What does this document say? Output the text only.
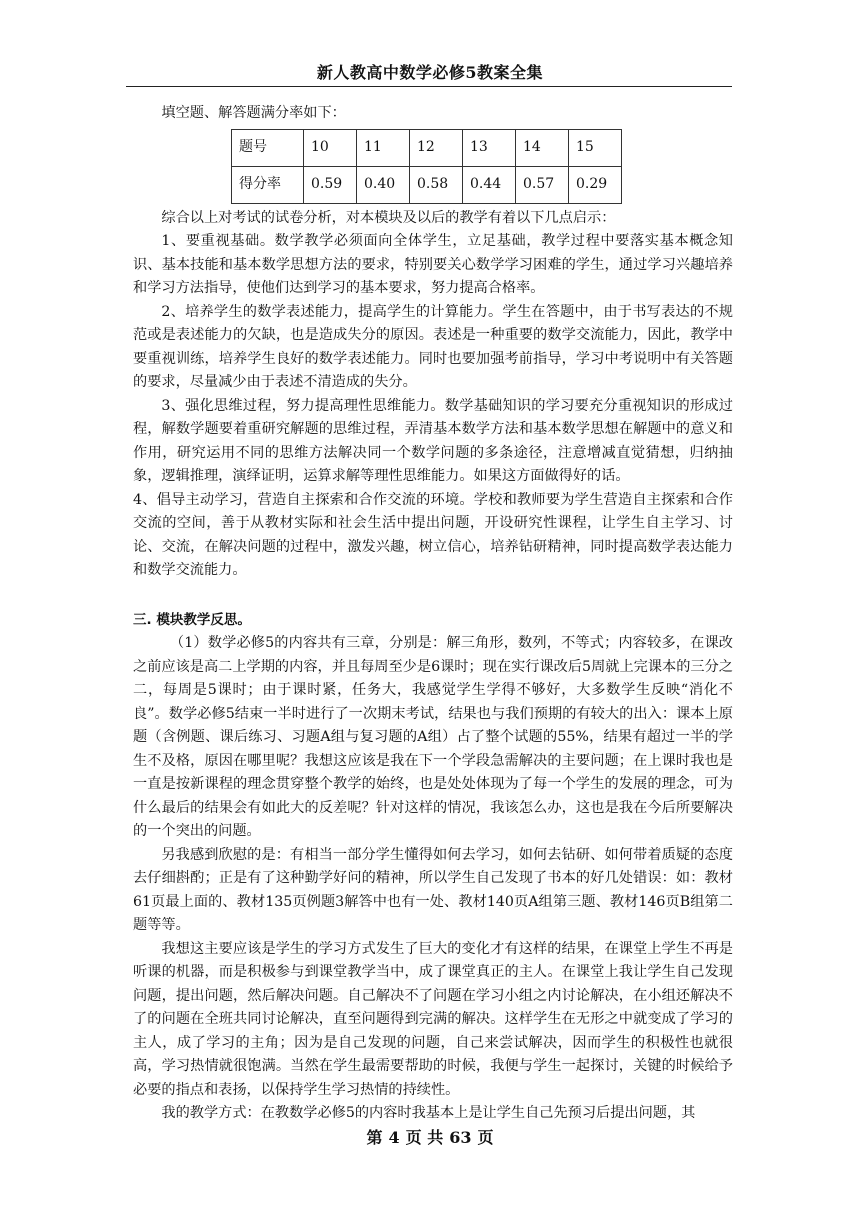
新人教高中数学必修5教案全集

填空题、解答题满分率如下：

题号	10	11	12	13	14	15
得分率	0.59	0.40	0.58	0.44	0.57	0.29

综合以上对考试的试卷分析，对本模块及以后的教学有着以下几点启示：

1、要重视基础。数学教学必须面向全体学生，立足基础，教学过程中要落实基本概念知识、基本技能和基本数学思想方法的要求，特别要关心数学学习困难的学生，通过学习兴趣培养和学习方法指导，使他们达到学习的基本要求，努力提高合格率。

2、培养学生的数学表述能力，提高学生的计算能力。学生在答题中，由于书写表达的不规范或是表述能力的欠缺，也是造成失分的原因。表述是一种重要的数学交流能力，因此，教学中要重视训练，培养学生良好的数学表述能力。同时也要加强考前指导，学习中考说明中有关答题的要求，尽量减少由于表述不清造成的失分。

3、强化思维过程，努力提高理性思维能力。数学基础知识的学习要充分重视知识的形成过程，解数学题要着重研究解题的思维过程，弄清基本数学方法和基本数学思想在解题中的意义和作用，研究运用不同的思维方法解决同一个数学问题的多条途径，注意增减直觉猜想，归纳抽象，逻辑推理，演绎证明，运算求解等理性思维能力。如果这方面做得好的话。

4、倡导主动学习，营造自主探索和合作交流的环境。学校和教师要为学生营造自主探索和合作交流的空间，善于从教材实际和社会生活中提出问题，开设研究性课程，让学生自主学习、讨论、交流，在解决问题的过程中，激发兴趣，树立信心，培养钻研精神，同时提高数学表达能力和数学交流能力。

三. 模块教学反思。

（1）数学必修5的内容共有三章，分别是：解三角形，数列，不等式；内容较多，在课改之前应该是高二上学期的内容，并且每周至少是6课时；现在实行课改后5周就上完课本的三分之二，每周是5课时；由于课时紧，任务大，我感觉学生学得不够好，大多数学生反映“消化不良”。数学必修5结束一半时进行了一次期末考试，结果也与我们预期的有较大的出入：课本上原题（含例题、课后练习、习题A组与复习题的A组）占了整个试题的55%，结果有超过一半的学生不及格，原因在哪里呢？我想这应该是我在下一个学段急需解决的主要问题；在上课时我也是一直是按新课程的理念贯穿整个教学的始终，也是处处体现为了每一个学生的发展的理念，可为什么最后的结果会有如此大的反差呢？针对这样的情况，我该怎么办，这也是我在今后所要解决的一个突出的问题。

另我感到欣慰的是：有相当一部分学生懂得如何去学习，如何去钻研、如何带着质疑的态度去仔细斟酌；正是有了这种勤学好问的精神，所以学生自己发现了书本的好几处错误：如：教材61页最上面的、教材135页例题3解答中也有一处、教材140页A组第三题、教材146页B组第二题等等。

我想这主要应该是学生的学习方式发生了巨大的变化才有这样的结果，在课堂上学生不再是听课的机器，而是积极参与到课堂教学当中，成了课堂真正的主人。在课堂上我让学生自己发现问题，提出问题，然后解决问题。自己解决不了问题在学习小组之内讨论解决，在小组还解决不了的问题在全班共同讨论解决，直至问题得到完满的解决。这样学生在无形之中就变成了学习的主人，成了学习的主角；因为是自己发现的问题，自己来尝试解决，因而学生的积极性也就很高，学习热情就很饱满。当然在学生最需要帮助的时候，我便与学生一起探讨，关键的时候给予必要的指点和表扬，以保持学生学习热情的持续性。

我的教学方式：在教数学必修5的内容时我基本上是让学生自己先预习后提出问题，其

第 4 页 共 63 页
